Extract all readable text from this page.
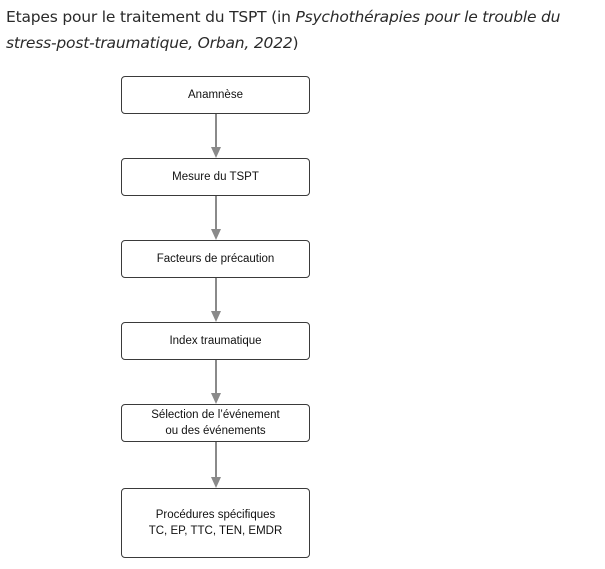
Etapes pour le traitement du TSPT (in Psychothérapies pour le trouble du stress-post-traumatique, Orban, 2022)
Anamnèse
Mesure du TSPT
Facteurs de précaution
Index traumatique
Sélection de l’événement
ou des événements
Procédures spécifiques
TC, EP, TTC, TEN, EMDR
